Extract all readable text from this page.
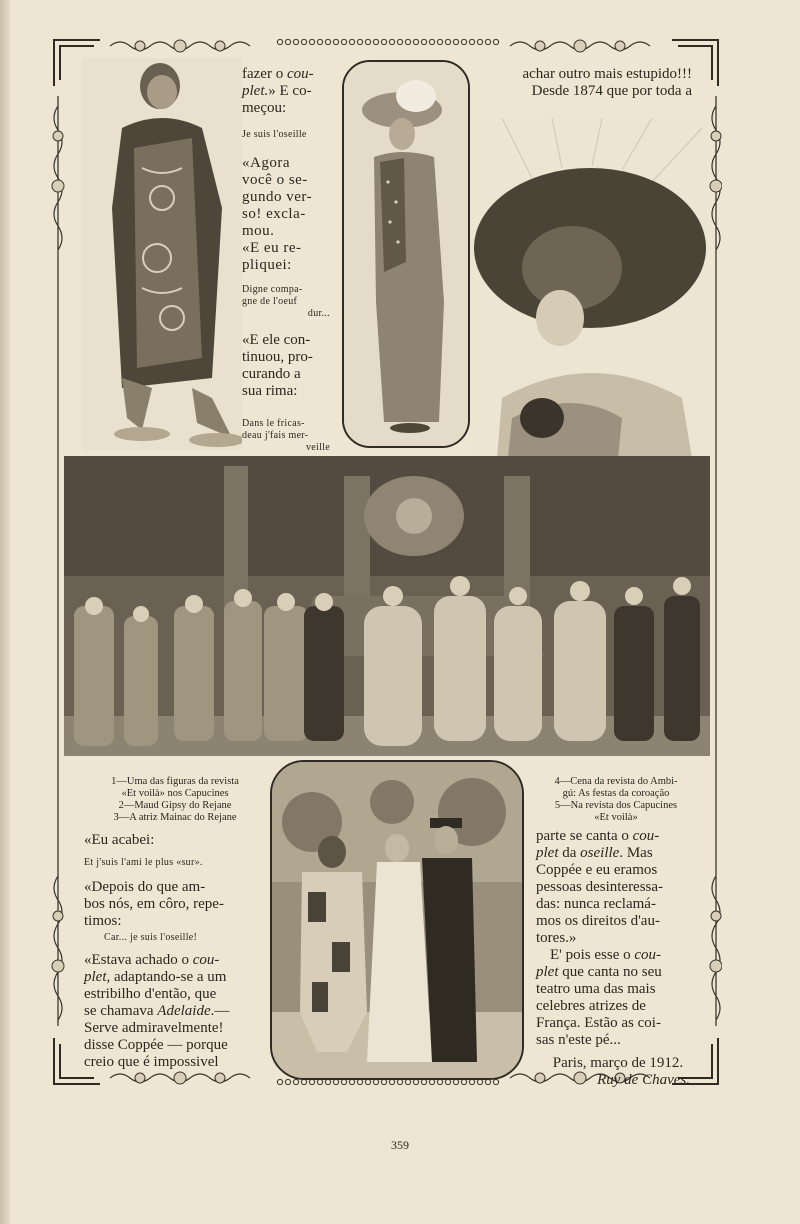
fazer o cou-
plet.» E co-
meçou:

Je suis l'oseille

«Agora
você o se-
gundo ver-
so! excla-
mou.
«E eu re-
pliquei:

Digne compa-
gne de l'oeuf

dur...

«E ele con-
tinuou, pro-
curando a
sua rima:

Dans le fricas-
deau j'fais mer-

veille

achar outro mais estupido!!!
Desde 1874 que por toda a
1—Uma das figuras da revista
«Et voilà» nos Capucines
2—Maud Gipsy do Rejane
3—A atriz Mainac do Rejane
4—Cena da revista do Ambi-
gú: As festas da coroação
5—Na revista dos Capucines
«Et voilà»

«Eu acabei:

Et j'suis l'ami le plus «sur».

«Depois do que am-
bos nós, em côro, repe-
timos:

Car... je suis l'oseille!

«Estava achado o cou-
plet, adaptando-se a um
estribilho d'então, que
se chamava Adelaide.—
Serve admiravelmente!
disse Coppée — porque
creio que é impossivel

parte se canta o cou-
plet da oseille. Mas
Coppée e eu eramos
pessoas desinteressa-
das: nunca reclamá-
mos os direitos d'au-
tores.»
E' pois esse o cou-
plet que canta no seu
teatro uma das mais
celebres atrizes de
França. Estão as coi-
sas n'este pé...

Paris, março de 1912.
Ruy de Chaves.
359
